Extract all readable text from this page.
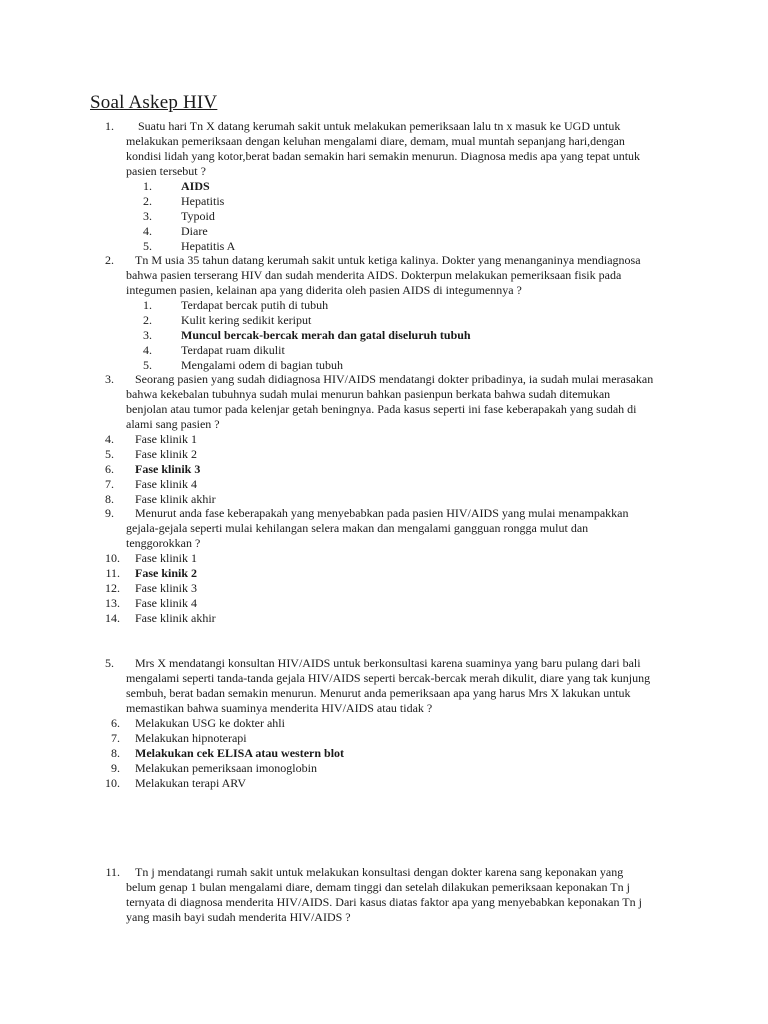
Soal Askep HIV
1. Suatu hari Tn X datang kerumah sakit untuk melakukan pemeriksaan lalu tn x masuk ke UGD untuk
melakukan pemeriksaan dengan keluhan mengalami diare, demam, mual muntah sepanjang hari,dengan
kondisi lidah yang kotor,berat badan semakin hari semakin menurun. Diagnosa medis apa yang tepat untuk
pasien tersebut ?
1. AIDS
2. Hepatitis
3. Typoid
4. Diare
5. Hepatitis A
2. Tn M usia 35 tahun datang kerumah sakit untuk ketiga kalinya. Dokter yang menanganinya mendiagnosa
bahwa pasien terserang HIV dan sudah menderita AIDS. Dokterpun melakukan pemeriksaan fisik pada
integumen pasien, kelainan apa yang diderita oleh pasien AIDS di integumennya ?
1. Terdapat bercak putih di tubuh
2. Kulit kering sedikit keriput
3. Muncul bercak-bercak merah dan gatal diseluruh tubuh
4. Terdapat ruam dikulit
5. Mengalami odem di bagian tubuh
3. Seorang pasien yang sudah didiagnosa HIV/AIDS mendatangi dokter pribadinya, ia sudah mulai merasakan
bahwa kekebalan tubuhnya sudah mulai menurun bahkan pasienpun berkata bahwa sudah ditemukan
benjolan atau tumor pada kelenjar getah beningnya. Pada kasus seperti ini fase keberapakah yang sudah di
alami sang pasien ?
4. Fase klinik 1
5. Fase klinik 2
6. Fase klinik 3
7. Fase klinik 4
8. Fase klinik akhir
9. Menurut anda fase keberapakah yang menyebabkan pada pasien HIV/AIDS yang mulai menampakkan
gejala-gejala seperti mulai kehilangan selera makan dan mengalami gangguan rongga mulut dan
tenggorokkan ?
10. Fase klinik 1
11. Fase kinik 2
12. Fase klinik 3
13. Fase klinik 4
14. Fase klinik akhir
5. Mrs X mendatangi konsultan HIV/AIDS untuk berkonsultasi karena suaminya yang baru pulang dari bali
mengalami seperti tanda-tanda gejala HIV/AIDS seperti bercak-bercak merah dikulit, diare yang tak kunjung
sembuh, berat badan semakin menurun. Menurut anda pemeriksaan apa yang harus Mrs X lakukan untuk
memastikan bahwa suaminya menderita HIV/AIDS atau tidak ?
6. Melakukan USG ke dokter ahli
7. Melakukan hipnoterapi
8. Melakukan cek ELISA atau western blot
9. Melakukan pemeriksaan imonoglobin
10. Melakukan terapi ARV
11. Tn j mendatangi rumah sakit untuk melakukan konsultasi dengan dokter karena sang keponakan yang
belum genap 1 bulan mengalami diare, demam tinggi dan setelah dilakukan pemeriksaan keponakan Tn j
ternyata di diagnosa menderita HIV/AIDS. Dari kasus diatas faktor apa yang menyebabkan keponakan Tn j
yang masih bayi sudah menderita HIV/AIDS ?
